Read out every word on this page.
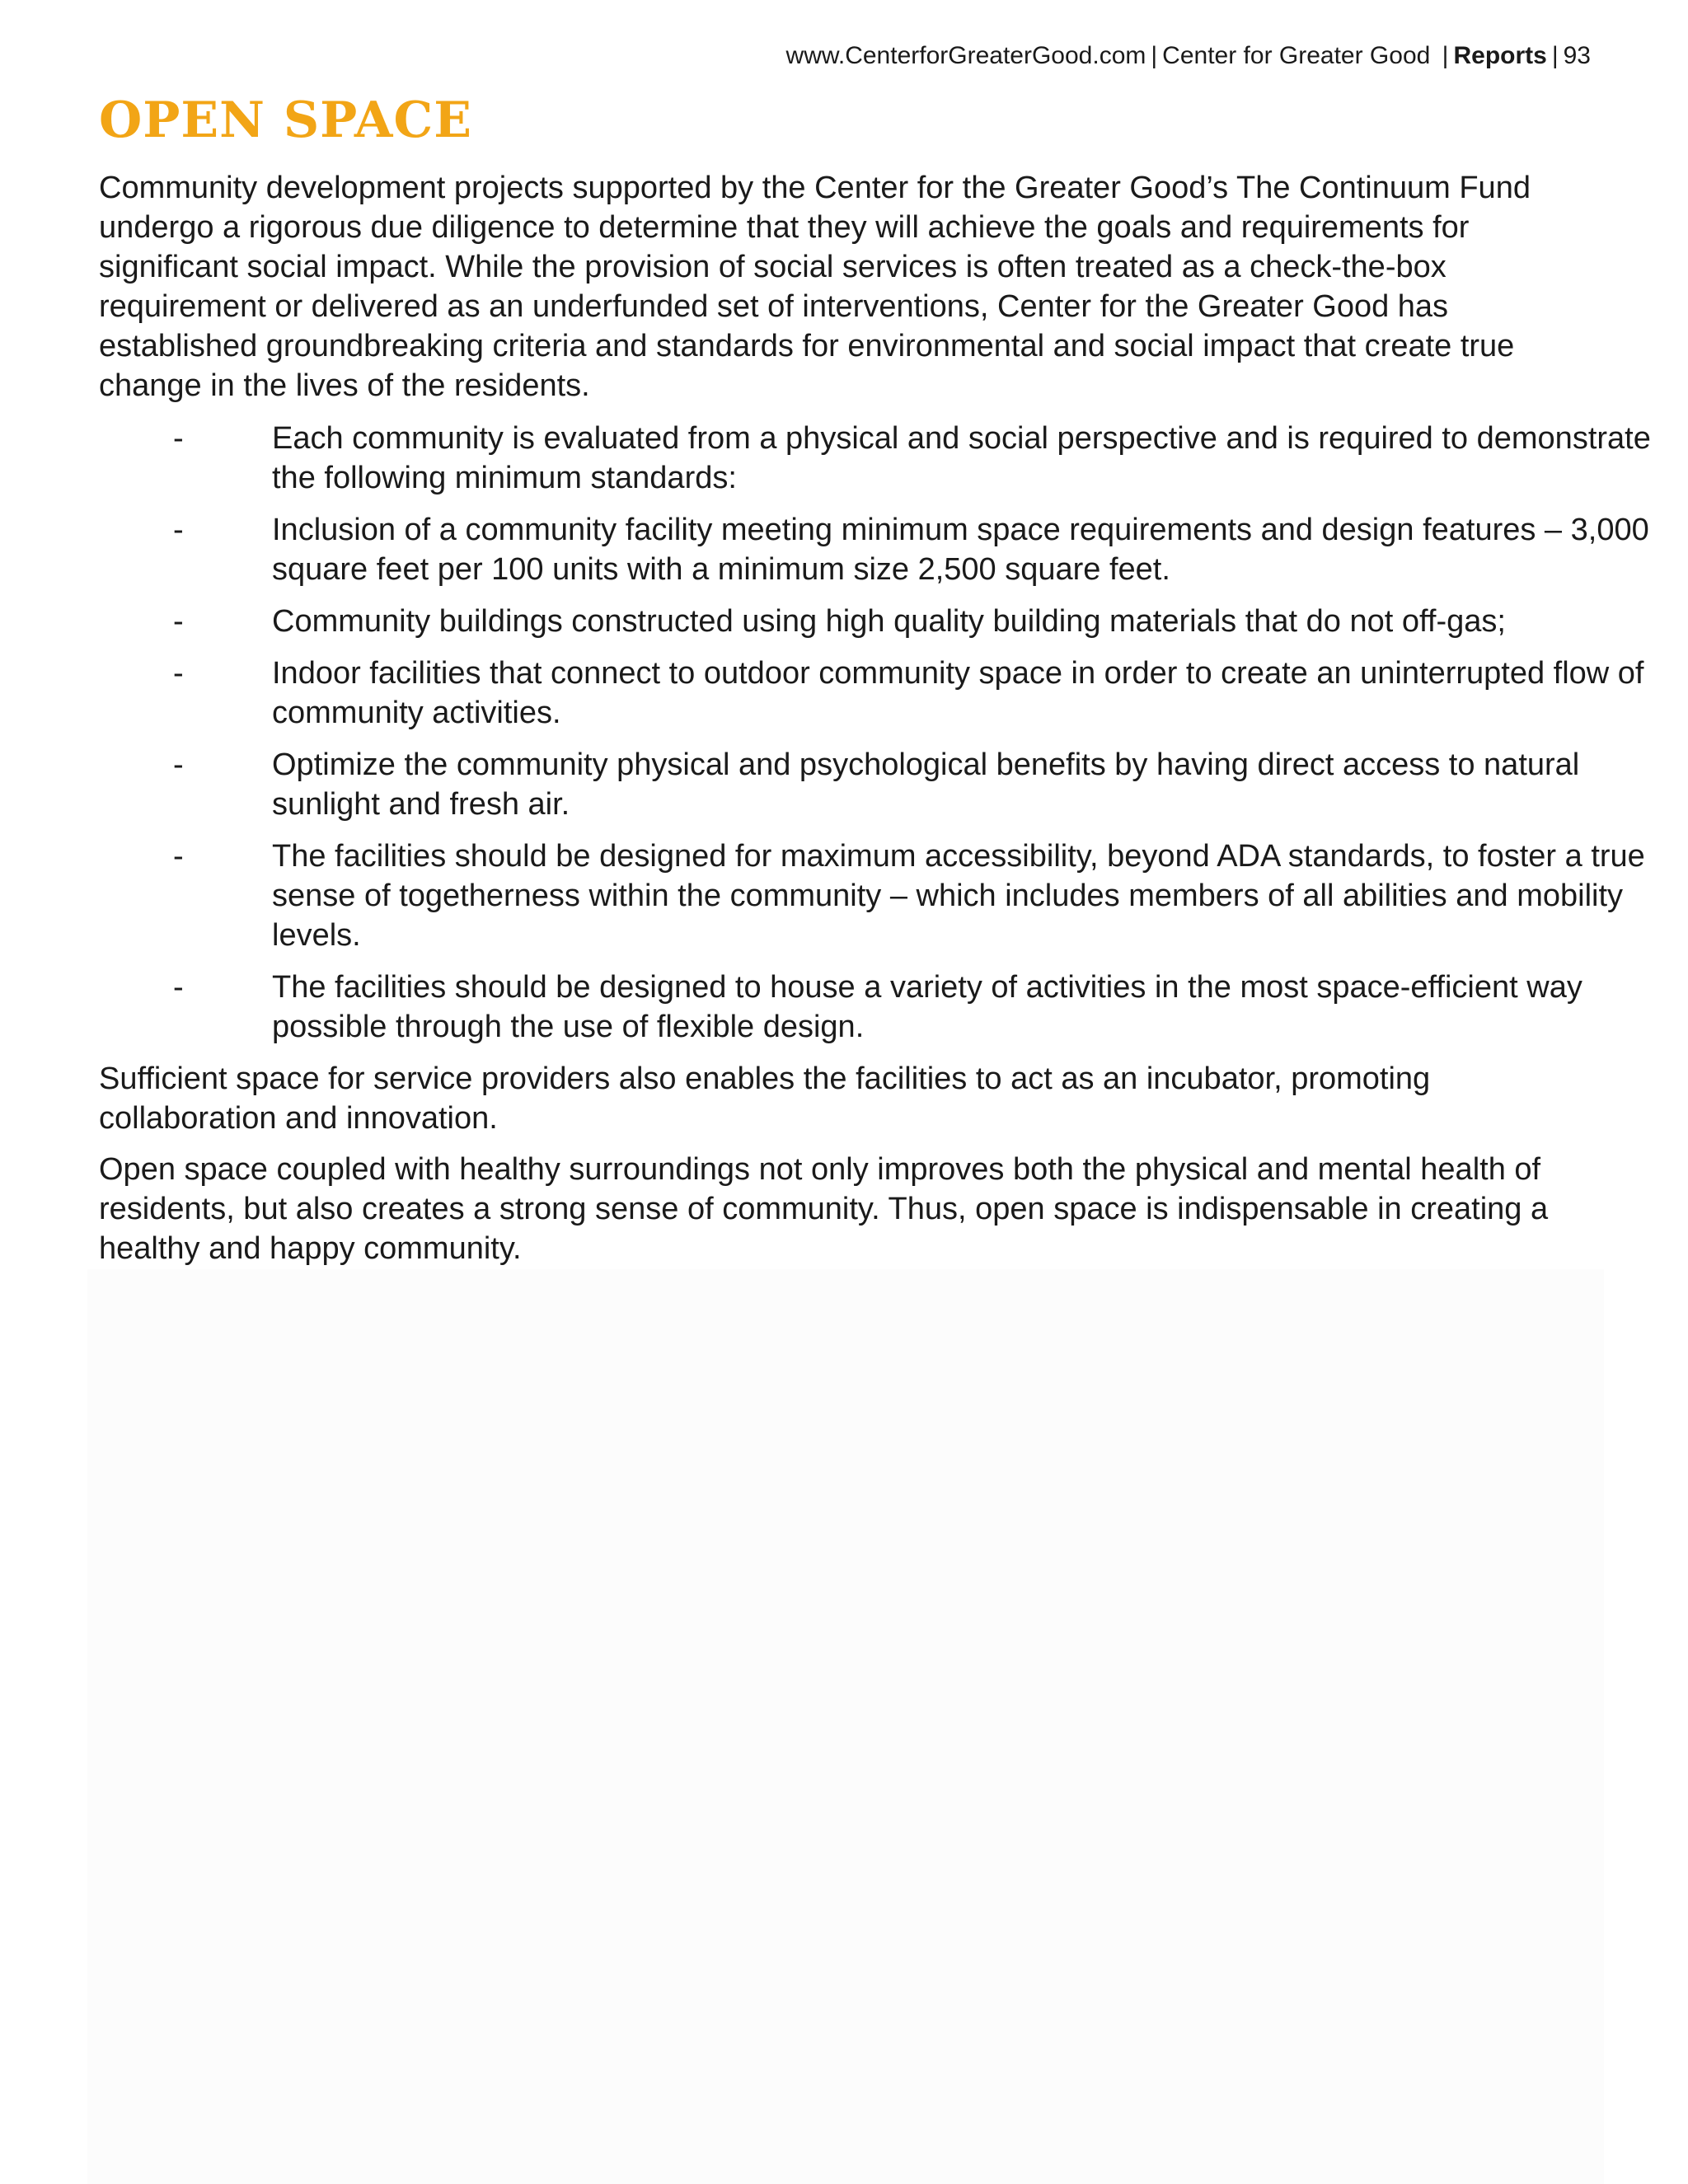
www.CenterforGreaterGood.com | Center for Greater Good | Reports | 93
OPEN SPACE

Community development projects supported by the Center for the Greater Good’s The Continuum Fund undergo a rigorous due diligence to determine that they will achieve the goals and requirements for significant social impact. While the provision of social services is often treated as a check-the-box requirement or delivered as an underfunded set of interventions, Center for the Greater Good has established groundbreaking criteria and standards for environmental and social impact that create true change in the lives of the residents.

-	Each community is evaluated from a physical and social perspective and is required to demonstrate the following minimum standards:
-	Inclusion of a community facility meeting minimum space requirements and design features – 3,000 square feet per 100 units with a minimum size 2,500 square feet.
-	Community buildings constructed using high quality building materials that do not off-gas;
-	Indoor facilities that connect to outdoor community space in order to create an uninterrupted flow of community activities.
-	Optimize the community physical and psychological benefits by having direct access to natural sunlight and fresh air.
-	The facilities should be designed for maximum accessibility, beyond ADA standards, to foster a true sense of togetherness within the community – which includes members of all abilities and mobility levels.
-	The facilities should be designed to house a variety of activities in the most space-efficient way possible through the use of flexible design.

Sufficient space for service providers also enables the facilities to act as an incubator, promoting collaboration and innovation.

Open space coupled with healthy surroundings not only improves both the physical and mental health of residents, but also creates a strong sense of community. Thus, open space is indispensable in creating a healthy and happy community.
